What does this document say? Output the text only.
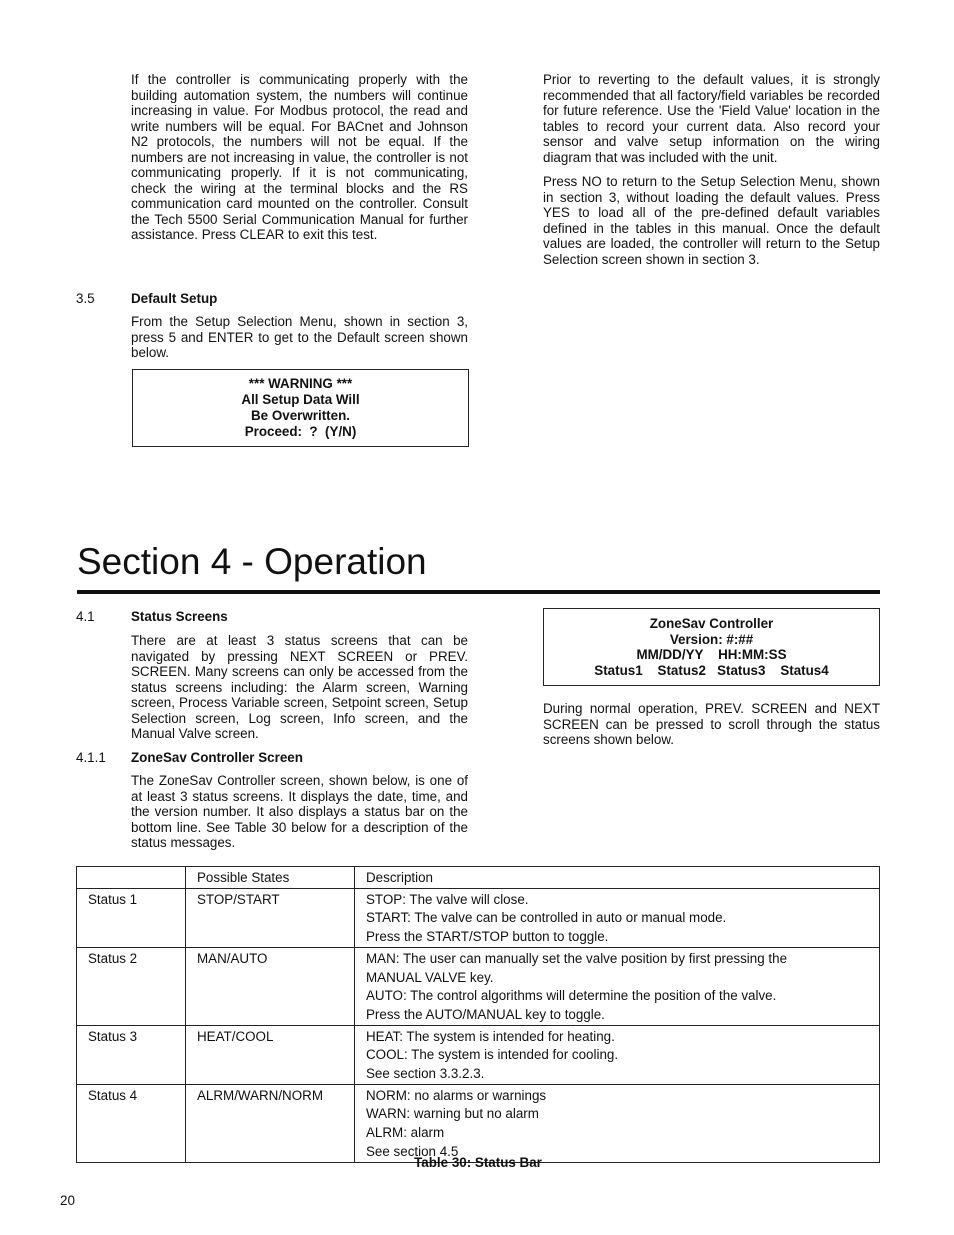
If the controller is communicating properly with the building automation system, the numbers will continue increasing in value. For Modbus protocol, the read and write numbers will be equal. For BACnet and Johnson N2 protocols, the numbers will not be equal. If the numbers are not increasing in value, the controller is not communicating properly. If it is not communicating, check the wiring at the terminal blocks and the RS communication card mounted on the controller. Consult the Tech 5500 Serial Communication Manual for further assistance. Press CLEAR to exit this test.

3.5	Default Setup

From the Setup Selection Menu, shown in section 3, press 5 and ENTER to get to the Default screen shown below.

*** WARNING ***
All Setup Data Will
Be Overwritten.
Proceed:  ?  (Y/N)

Prior to reverting to the default values, it is strongly recommended that all factory/field variables be recorded for future reference. Use the 'Field Value' location in the tables to record your current data. Also record your sensor and valve setup information on the wiring diagram that was included with the unit.

Press NO to return to the Setup Selection Menu, shown in section 3, without loading the default values. Press YES to load all of the pre-defined default variables defined in the tables in this manual. Once the default values are loaded, the controller will return to the Setup Selection screen shown in section 3.

Section 4 - Operation
4.1	Status Screens

There are at least 3 status screens that can be navigated by pressing NEXT SCREEN or PREV. SCREEN. Many screens can only be accessed from the status screens including: the Alarm screen, Warning screen, Process Variable screen, Setpoint screen, Setup Selection screen, Log screen, Info screen, and the Manual Valve screen.

4.1.1 ZoneSav Controller Screen

The ZoneSav Controller screen, shown below, is one of at least 3 status screens. It displays the date, time, and the version number. It also displays a status bar on the bottom line. See Table 30 below for a description of the status messages.

ZoneSav Controller
Version: #:##
MM/DD/YY    HH:MM:SS
Status1    Status2   Status3    Status4

During normal operation, PREV. SCREEN and NEXT SCREEN can be pressed to scroll through the status screens shown below.

	Possible States	Description
Status 1	STOP/START	STOP: The valve will close.
START: The valve can be controlled in auto or manual mode.
Press the START/STOP button to toggle.

Status 2	MAN/AUTO	MAN: The user can manually set the valve position by first pressing the
MANUAL VALVE key.
AUTO: The control algorithms will determine the position of the valve.
Press the AUTO/MANUAL key to toggle.

Status 3	HEAT/COOL	HEAT: The system is intended for heating.
COOL: The system is intended for cooling.
See section 3.3.2.3.

Status 4	ALRM/WARN/NORM	NORM: no alarms or warnings
WARN: warning but no alarm
ALRM: alarm
See section 4.5
Table 30: Status Bar
20
